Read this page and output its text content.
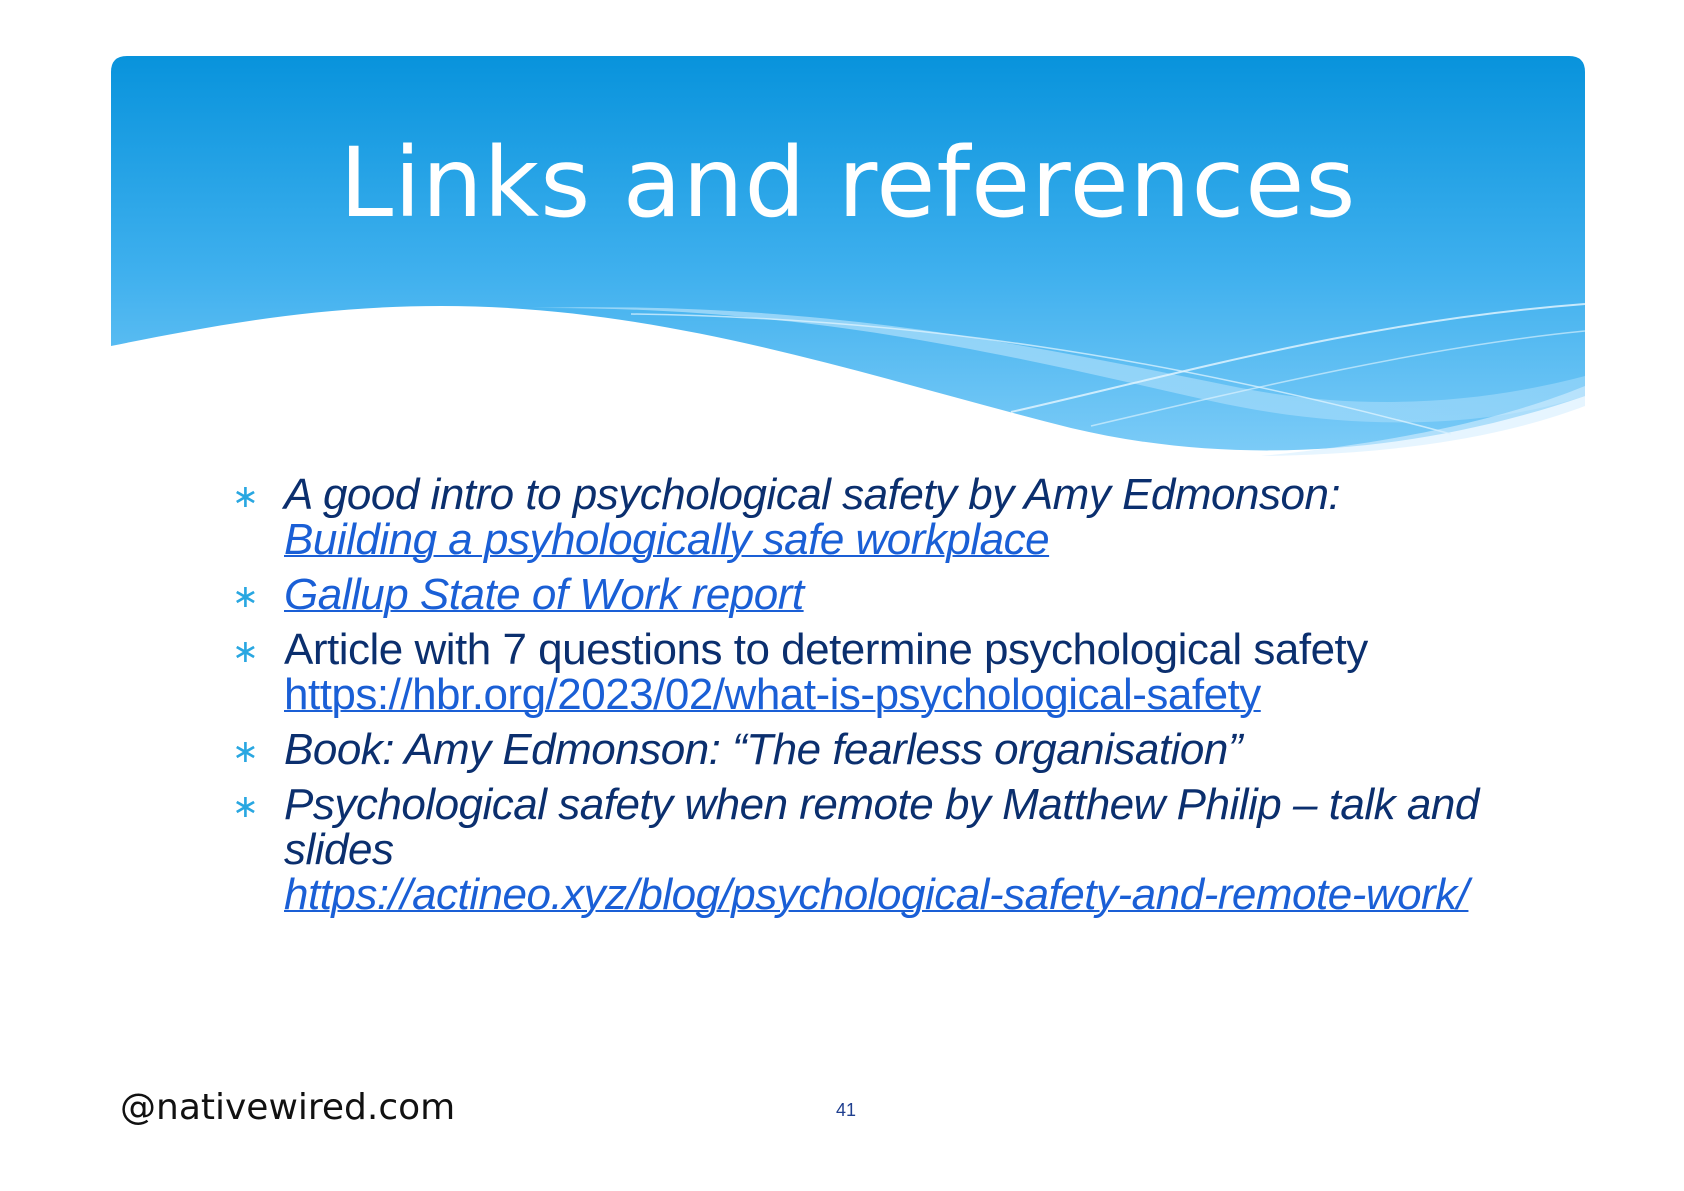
Links and references
∗ A good intro to psychological safety by Amy Edmonson:
Building a psyhologically safe workplace
∗ Gallup State of Work report
∗ Article with 7 questions to determine psychological safety
https://hbr.org/2023/02/what-is-psychological-safety
∗ Book: Amy Edmonson: “The fearless organisation”
∗ Psychological safety when remote by Matthew Philip – talk and slides
https://actineo.xyz/blog/psychological-safety-and-remote-work/
@nativewired.com	41
